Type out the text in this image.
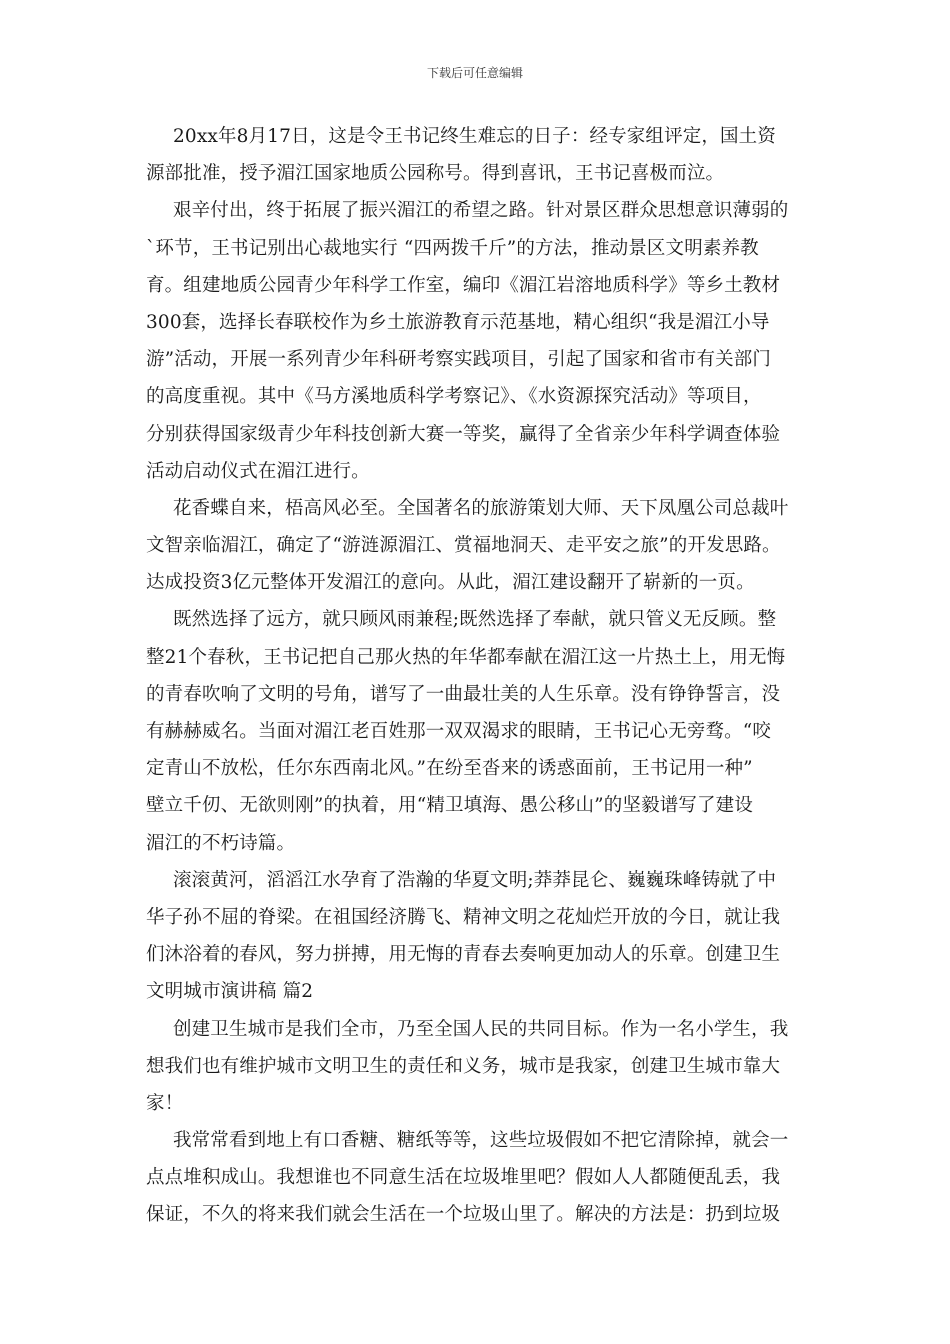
下载后可任意编辑
20xx年8月17日，这是令王书记终生难忘的日子：经专家组评定，国土资
源部批准，授予湄江国家地质公园称号。得到喜讯，王书记喜极而泣。
艰辛付出，终于拓展了振兴湄江的希望之路。针对景区群众思想意识薄弱的
`环节，王书记别出心裁地实行 “四两拨千斤”的方法，推动景区文明素养教
育。组建地质公园青少年科学工作室，编印《湄江岩溶地质科学》等乡土教材
300套，选择长春联校作为乡土旅游教育示范基地，精心组织“我是湄江小导
游”活动，开展一系列青少年科研考察实践项目，引起了国家和省市有关部门
的高度重视。其中《马方溪地质科学考察记》、《水资源探究活动》等项目，
分别获得国家级青少年科技创新大赛一等奖，赢得了全省亲少年科学调查体验
活动启动仪式在湄江进行。
花香蝶自来，梧高风必至。全国著名的旅游策划大师、天下凤凰公司总裁叶
文智亲临湄江，确定了“游涟源湄江、赏福地洞天、走平安之旅”的开发思路。
达成投资3亿元整体开发湄江的意向。从此，湄江建设翻开了崭新的一页。
既然选择了远方，就只顾风雨兼程;既然选择了奉献，就只管义无反顾。整
整21个春秋，王书记把自己那火热的年华都奉献在湄江这一片热土上，用无悔
的青春吹响了文明的号角，谱写了一曲最壮美的人生乐章。没有铮铮誓言，没
有赫赫威名。当面对湄江老百姓那一双双渴求的眼睛，王书记心无旁骛。“咬
定青山不放松，任尔东西南北风。”在纷至沓来的诱惑面前，王书记用一种”
壁立千仞、无欲则刚”的执着，用“精卫填海、愚公移山”的坚毅谱写了建设
湄江的不朽诗篇。
滚滚黄河，滔滔江水孕育了浩瀚的华夏文明;莽莽昆仑、巍巍珠峰铸就了中
华子孙不屈的脊梁。在祖国经济腾飞、精神文明之花灿烂开放的今日，就让我
们沐浴着的春风，努力拼搏，用无悔的青春去奏响更加动人的乐章。创建卫生
文明城市演讲稿 篇2
创建卫生城市是我们全市，乃至全国人民的共同目标。作为一名小学生，我
想我们也有维护城市文明卫生的责任和义务，城市是我家，创建卫生城市靠大
家！
我常常看到地上有口香糖、糖纸等等，这些垃圾假如不把它清除掉，就会一
点点堆积成山。我想谁也不同意生活在垃圾堆里吧？假如人人都随便乱丢，我
保证，不久的将来我们就会生活在一个垃圾山里了。解决的方法是：扔到垃圾
